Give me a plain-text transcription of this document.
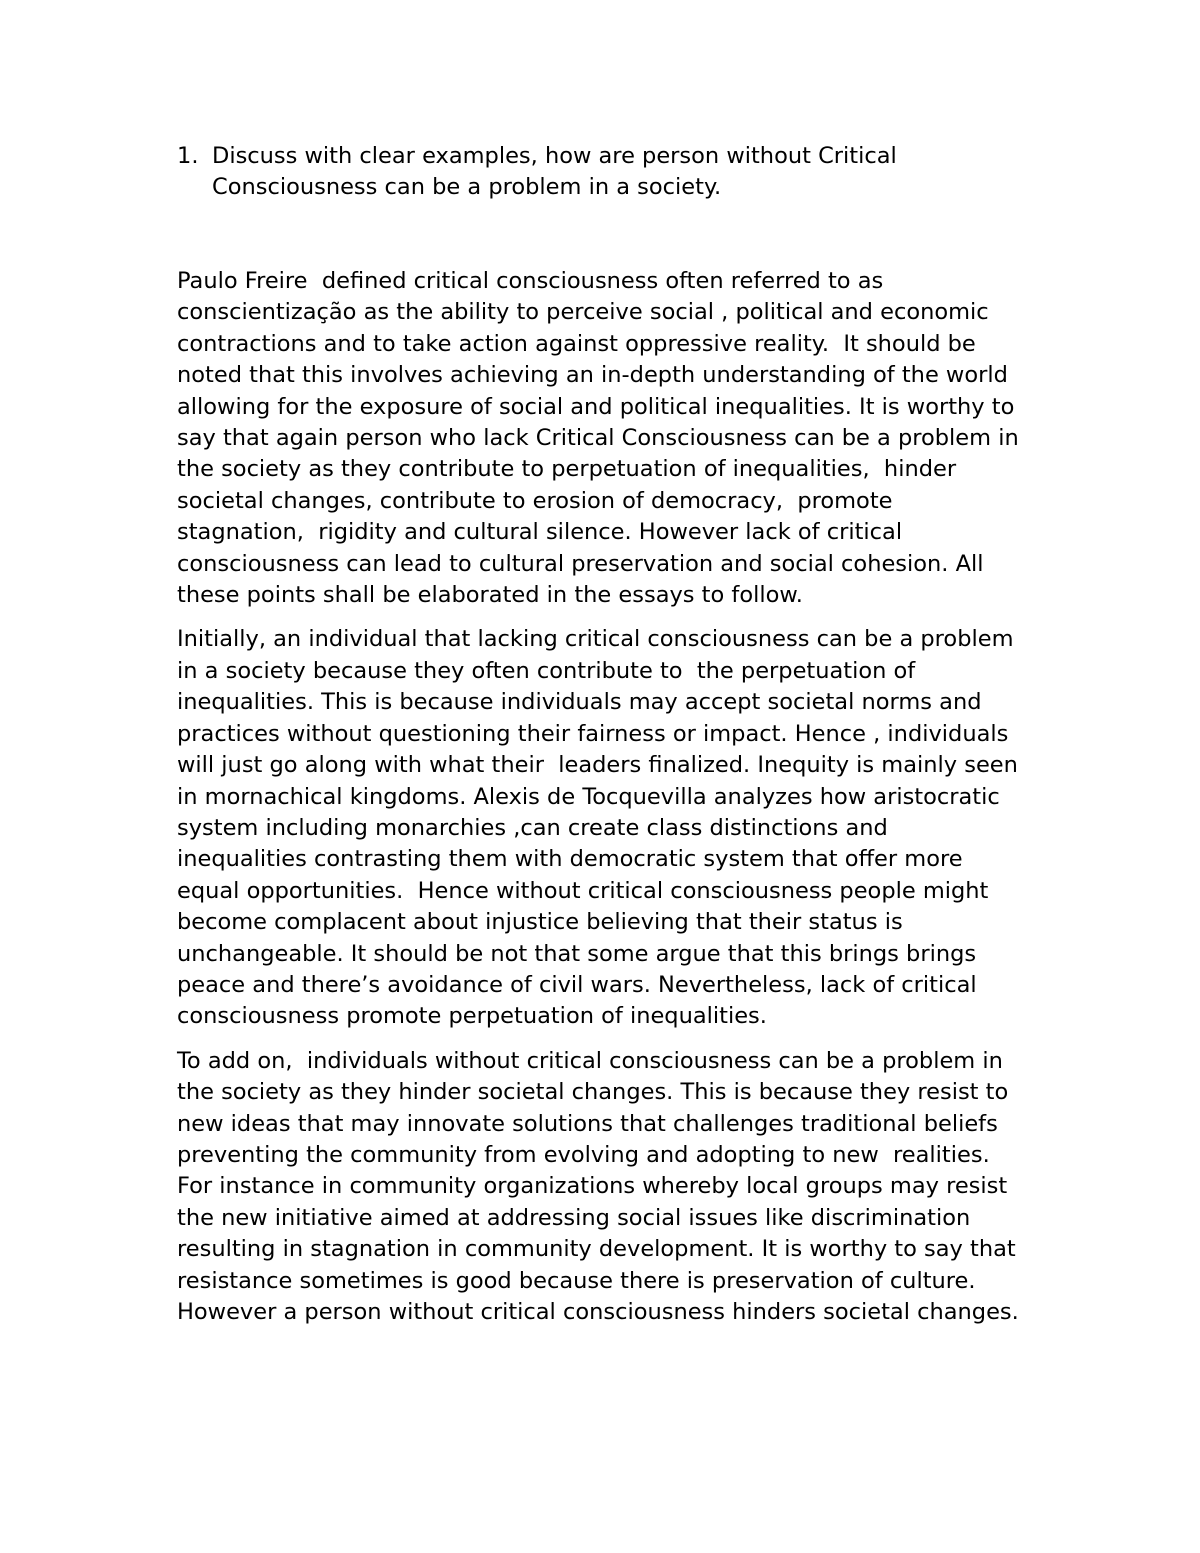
1. Discuss with clear examples, how are person without Critical
Consciousness can be a problem in a society.
Paulo Freire  defined critical consciousness often referred to as
conscientização as the ability to perceive social , political and economic
contractions and to take action against oppressive reality.  It should be
noted that this involves achieving an in-depth understanding of the world
allowing for the exposure of social and political inequalities. It is worthy to
say that again person who lack Critical Consciousness can be a problem in
the society as they contribute to perpetuation of inequalities,  hinder
societal changes, contribute to erosion of democracy,  promote
stagnation,  rigidity and cultural silence. However lack of critical
consciousness can lead to cultural preservation and social cohesion. All
these points shall be elaborated in the essays to follow.
Initially, an individual that lacking critical consciousness can be a problem
in a society because they often contribute to  the perpetuation of
inequalities. This is because individuals may accept societal norms and
practices without questioning their fairness or impact. Hence , individuals
will just go along with what their  leaders finalized. Inequity is mainly seen
in mornachical kingdoms. Alexis de Tocquevilla analyzes how aristocratic
system including monarchies ,can create class distinctions and
inequalities contrasting them with democratic system that offer more
equal opportunities.  Hence without critical consciousness people might
become complacent about injustice believing that their status is
unchangeable. It should be not that some argue that this brings brings
peace and there’s avoidance of civil wars. Nevertheless, lack of critical
consciousness promote perpetuation of inequalities.
To add on,  individuals without critical consciousness can be a problem in
the society as they hinder societal changes. This is because they resist to
new ideas that may innovate solutions that challenges traditional beliefs
preventing the community from evolving and adopting to new  realities.
For instance in community organizations whereby local groups may resist
the new initiative aimed at addressing social issues like discrimination
resulting in stagnation in community development. It is worthy to say that
resistance sometimes is good because there is preservation of culture.
However a person without critical consciousness hinders societal changes.
